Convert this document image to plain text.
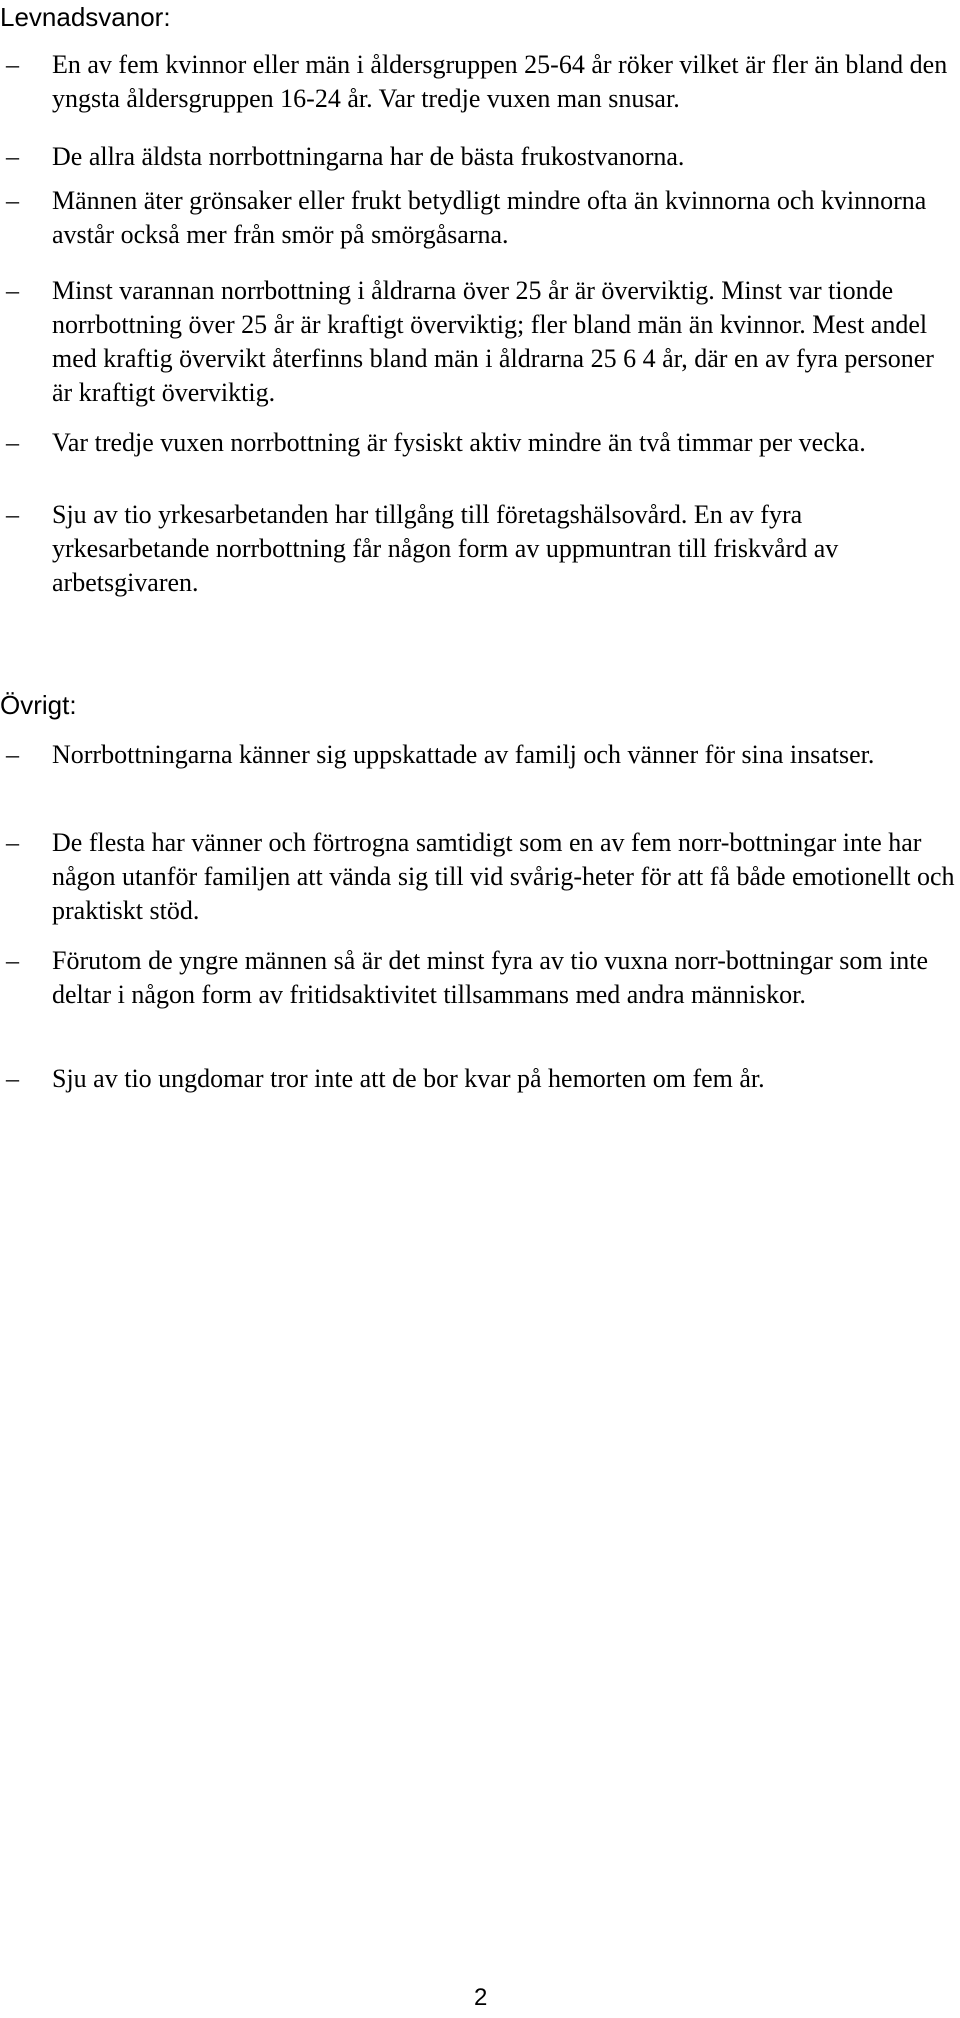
Levnadsvanor:
–	En av fem kvinnor eller män i åldersgruppen 25-64 år röker vilket är fler än bland den yngsta åldersgruppen 16-24 år. Var tredje vuxen man snusar.
–	De allra äldsta norrbottningarna har de bästa frukostvanorna.
–	Männen äter grönsaker eller frukt betydligt mindre ofta än kvinnorna och kvinnorna avstår också mer från smör på smörgåsarna.
–	Minst varannan norrbottning i åldrarna över 25 år är överviktig. Minst var tionde norrbottning över 25 år är kraftigt överviktig; fler bland män än kvinnor. Mest andel med kraftig övervikt återfinns bland män i åldrarna 25 6 4 år, där en av fyra personer är kraftigt överviktig.
–	Var tredje vuxen norrbottning är fysiskt aktiv mindre än två timmar per vecka.
–	Sju av tio yrkesarbetanden har tillgång till företagshälsovård. En av fyra yrkesarbetande norrbottning får någon form av uppmuntran till friskvård av arbetsgivaren.
Övrigt:
–	Norrbottningarna känner sig uppskattade av familj och vänner för sina insatser.
–	De flesta har vänner och förtrogna samtidigt som en av fem norr-bottningar inte har någon utanför familjen att vända sig till vid svårig-heter för att få både emotionellt och praktiskt stöd.
–	Förutom de yngre männen så är det minst fyra av tio vuxna norr-bottningar som inte deltar i någon form av fritidsaktivitet tillsammans med andra människor.
–	Sju av tio ungdomar tror inte att de bor kvar på hemorten om fem år.
2
